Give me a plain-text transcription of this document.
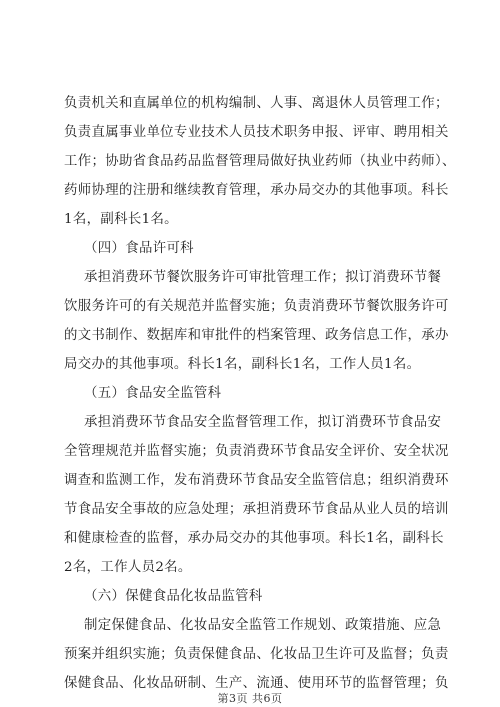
负责机关和直属单位的机构编制、人事、离退休人员管理工作；
负责直属事业单位专业技术人员技术职务申报、评审、聘用相关
工作；协助省食品药品监督管理局做好执业药师（执业中药师）、
药师协理的注册和继续教育管理，承办局交办的其他事项。科长
1名，副科长1名。
（四）食品许可科
承担消费环节餐饮服务许可审批管理工作；拟订消费环节餐
饮服务许可的有关规范并监督实施；负责消费环节餐饮服务许可
的文书制作、数据库和审批件的档案管理、政务信息工作，承办
局交办的其他事项。科长1名，副科长1名，工作人员1名。
（五）食品安全监管科
承担消费环节食品安全监督管理工作，拟订消费环节食品安
全管理规范并监督实施；负责消费环节食品安全评价、安全状况
调查和监测工作，发布消费环节食品安全监管信息；组织消费环
节食品安全事故的应急处理；承担消费环节食品从业人员的培训
和健康检查的监督，承办局交办的其他事项。科长1名，副科长
2名，工作人员2名。
（六）保健食品化妆品监管科
制定保健食品、化妆品安全监管工作规划、政策措施、应急
预案并组织实施；负责保健食品、化妆品卫生许可及监督；负责
保健食品、化妆品研制、生产、流通、使用环节的监督管理；负
第3页 共6页
